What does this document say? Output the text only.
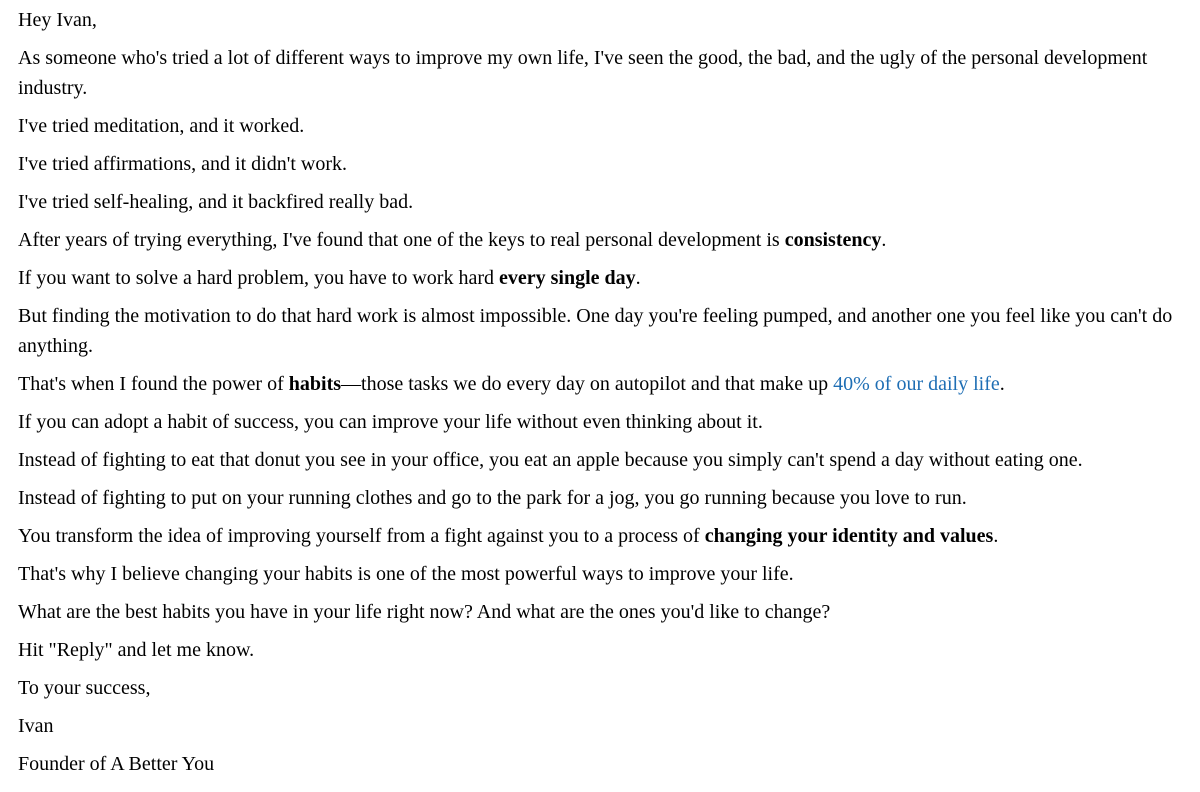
Hey Ivan,

As someone who's tried a lot of different ways to improve my own life, I've seen the good, the bad, and the ugly of the personal development industry.

I've tried meditation, and it worked.

I've tried affirmations, and it didn't work.

I've tried self-healing, and it backfired really bad.

After years of trying everything, I've found that one of the keys to real personal development is consistency.

If you want to solve a hard problem, you have to work hard every single day.

But finding the motivation to do that hard work is almost impossible. One day you're feeling pumped, and another one you feel like you can't do anything.

That's when I found the power of habits—those tasks we do every day on autopilot and that make up 40% of our daily life.

If you can adopt a habit of success, you can improve your life without even thinking about it.

Instead of fighting to eat that donut you see in your office, you eat an apple because you simply can't spend a day without eating one.

Instead of fighting to put on your running clothes and go to the park for a jog, you go running because you love to run.

You transform the idea of improving yourself from a fight against you to a process of changing your identity and values.

That's why I believe changing your habits is one of the most powerful ways to improve your life.

What are the best habits you have in your life right now? And what are the ones you'd like to change?

Hit "Reply" and let me know.

To your success,

Ivan

Founder of A Better You
